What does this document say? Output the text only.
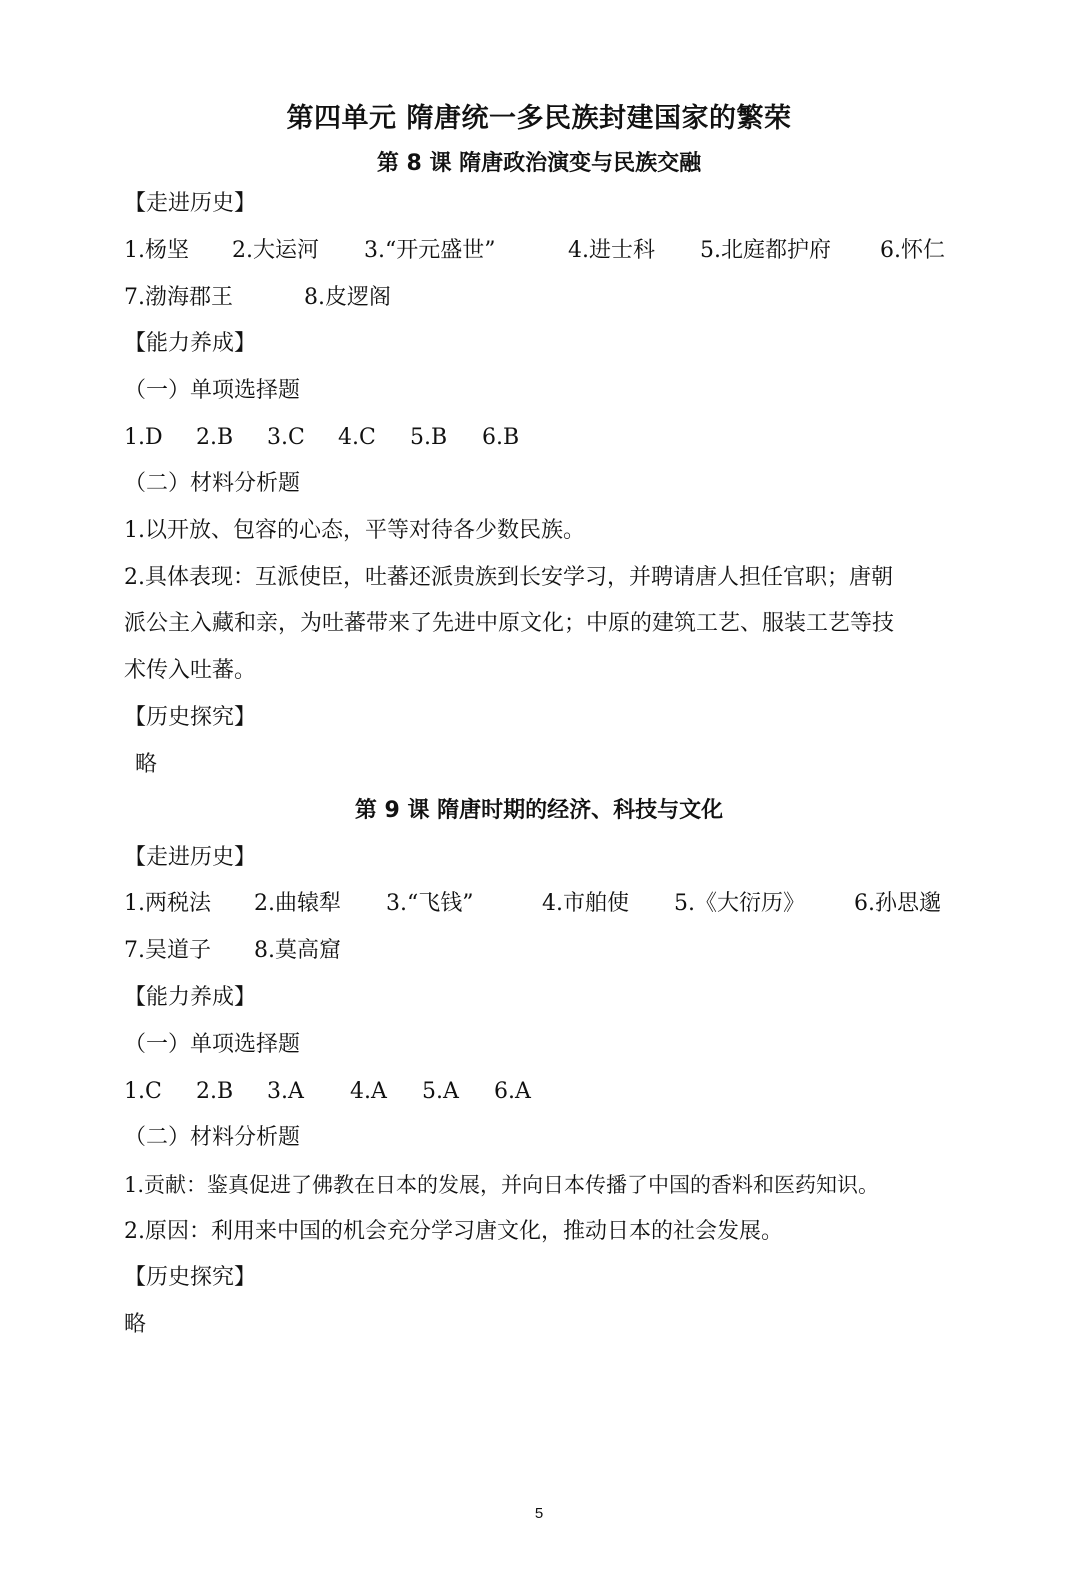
第四单元 隋唐统一多民族封建国家的繁荣
第 8 课 隋唐政治演变与民族交融
【走进历史】
1.杨坚 2.大运河 3.“开元盛世”	4.进士科 5.北庭都护府 6.怀仁
7.渤海郡王	8.皮逻阁
【能力养成】
（一）单项选择题
1.D 2.B 3.C 4.C 5.B 6.B
（二）材料分析题
1.以开放、包容的心态，平等对待各少数民族。
2.具体表现：互派使臣，吐蕃还派贵族到长安学习，并聘请唐人担任官职；唐朝
派公主入藏和亲，为吐蕃带来了先进中原文化；中原的建筑工艺、服装工艺等技
术传入吐蕃。
【历史探究】
略
第 9 课 隋唐时期的经济、科技与文化
【走进历史】
1.两税法 2.曲辕犁 3.“飞钱”	4.市舶使 5.《大衍历》 6.孙思邈
7.吴道子 8.莫高窟
【能力养成】
（一）单项选择题
1.C 2.B 3.A 4.A 5.A 6.A
（二）材料分析题
1.贡献：鉴真促进了佛教在日本的发展，并向日本传播了中国的香料和医药知识。
2.原因：利用来中国的机会充分学习唐文化，推动日本的社会发展。
【历史探究】
略
5
